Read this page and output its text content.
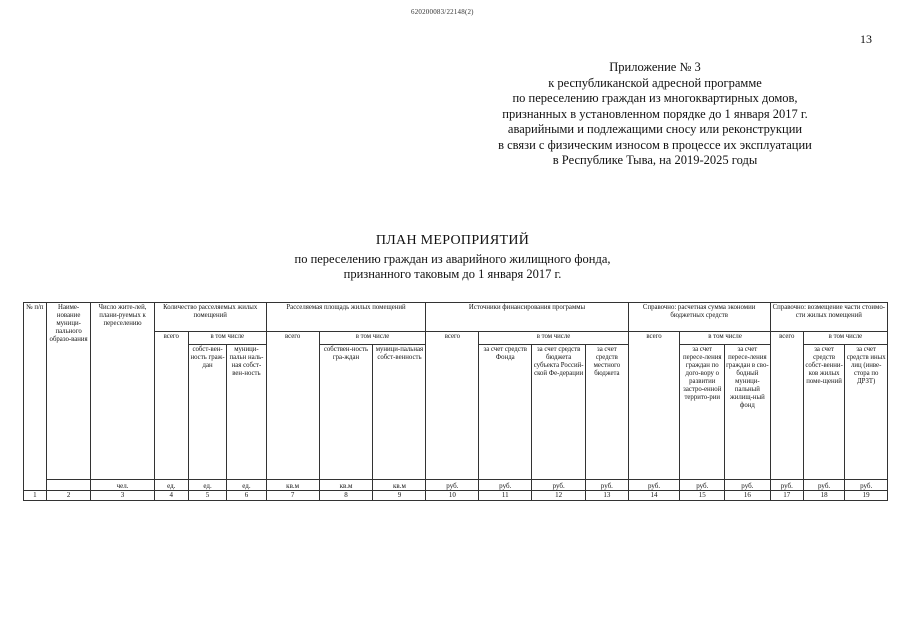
620200083/22148(2)
13
Приложение № 3
к республиканской адресной программе
по переселению граждан из многоквартирных домов,
признанных в установленном порядке до 1 января 2017 г.
аварийными и подлежащими сносу или реконструкции
в связи с физическим износом в процессе их эксплуатации
в Республике Тыва, на 2019-2025 годы
ПЛАН МЕРОПРИЯТИЙ
по переселению граждан из аварийного жилищного фонда,
признанного таковым до 1 января 2017 г.
№ п/п	Наиме-нование муници-пального образо-вания	Число жите-лей, плани-руемых к переселению	Количество расселяемых жилых помещений			Расселяемая площадь жилых помещений			Источники финансирования программы				Справочно: расчетная сумма экономии бюджетных средств			Справочно: возмещение части стоимо-сти жилых помещений		
			всего	в том числе		всего	в том числе		всего	в том числе			всего	в том числе		всего	в том числе	
				собст-вен-ность граж-дан	муници-пальн наль-ная собст-вен-ность		собствен-ность гра-ждан	муници-пальная собст-венность		за счет средств Фонда	за счет средств бюджета субъекта Россий-ской Фе-дерации	за счет средств местного бюджета		за счет пересе-ления граждан по дого-вору о развитии застро-енной террито-рии	за счет пересе-ления граждан в сво-бодный муници-пальный жилищ-ный фонд		за счет средств собст-венни-ков жилых поме-щений	за счет средств иных лиц (инве-стора по ДРЗТ)
		чел.	ед.	ед.	ед.	кв.м	кв.м	кв.м	руб.	руб.	руб.	руб.	руб.	руб.	руб.	руб.	руб.	руб.
1	2	3	4	5	6	7	8	9	10	11	12	13	14	15	16	17	18	19
